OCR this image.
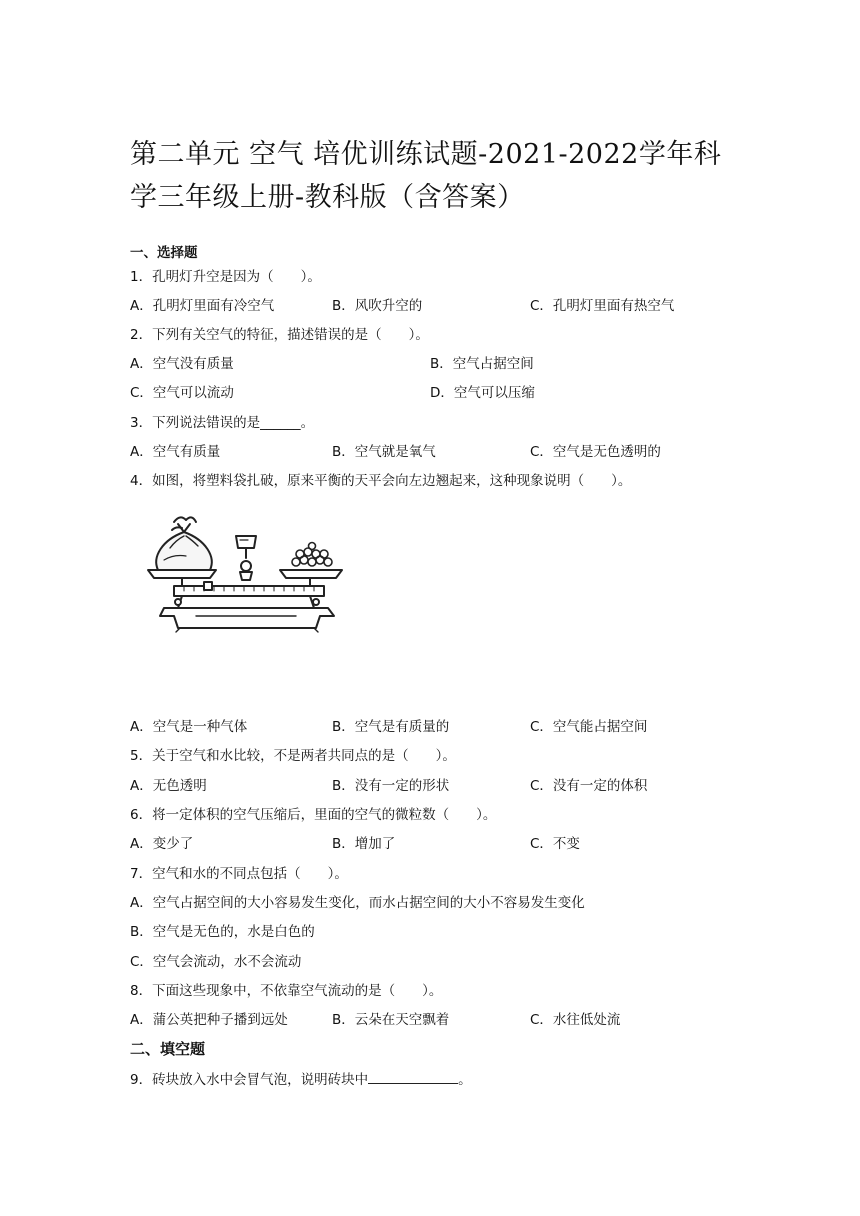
第二单元 空气 培优训练试题-2021-2022学年科学三年级上册-教科版（含答案）
一、选择题
1．孔明灯升空是因为（　　）。
A．孔明灯里面有冷空气	B．风吹升空的	C．孔明灯里面有热空气
2．下列有关空气的特征，描述错误的是（　　）。
A．空气没有质量	B．空气占据空间
C．空气可以流动	D．空气可以压缩
3．下列说法错误的是______。
A．空气有质量	B．空气就是氧气	C．空气是无色透明的
4．如图，将塑料袋扎破，原来平衡的天平会向左边翘起来，这种现象说明（　　）。
A．空气是一种气体	B．空气是有质量的	C．空气能占据空间
5．关于空气和水比较，不是两者共同点的是（　　）。
A．无色透明	B．没有一定的形状	C．没有一定的体积
6．将一定体积的空气压缩后，里面的空气的微粒数（　　）。
A．变少了	B．增加了	C．不变
7．空气和水的不同点包括（　　）。
A．空气占据空间的大小容易发生变化，而水占据空间的大小不容易发生变化
B．空气是无色的，水是白色的
C．空气会流动，水不会流动
8．下面这些现象中，不依靠空气流动的是（　　）。
A．蒲公英把种子播到远处	B．云朵在天空飘着	C．水往低处流
二、填空题
9．砖块放入水中会冒气泡，说明砖块中	。
